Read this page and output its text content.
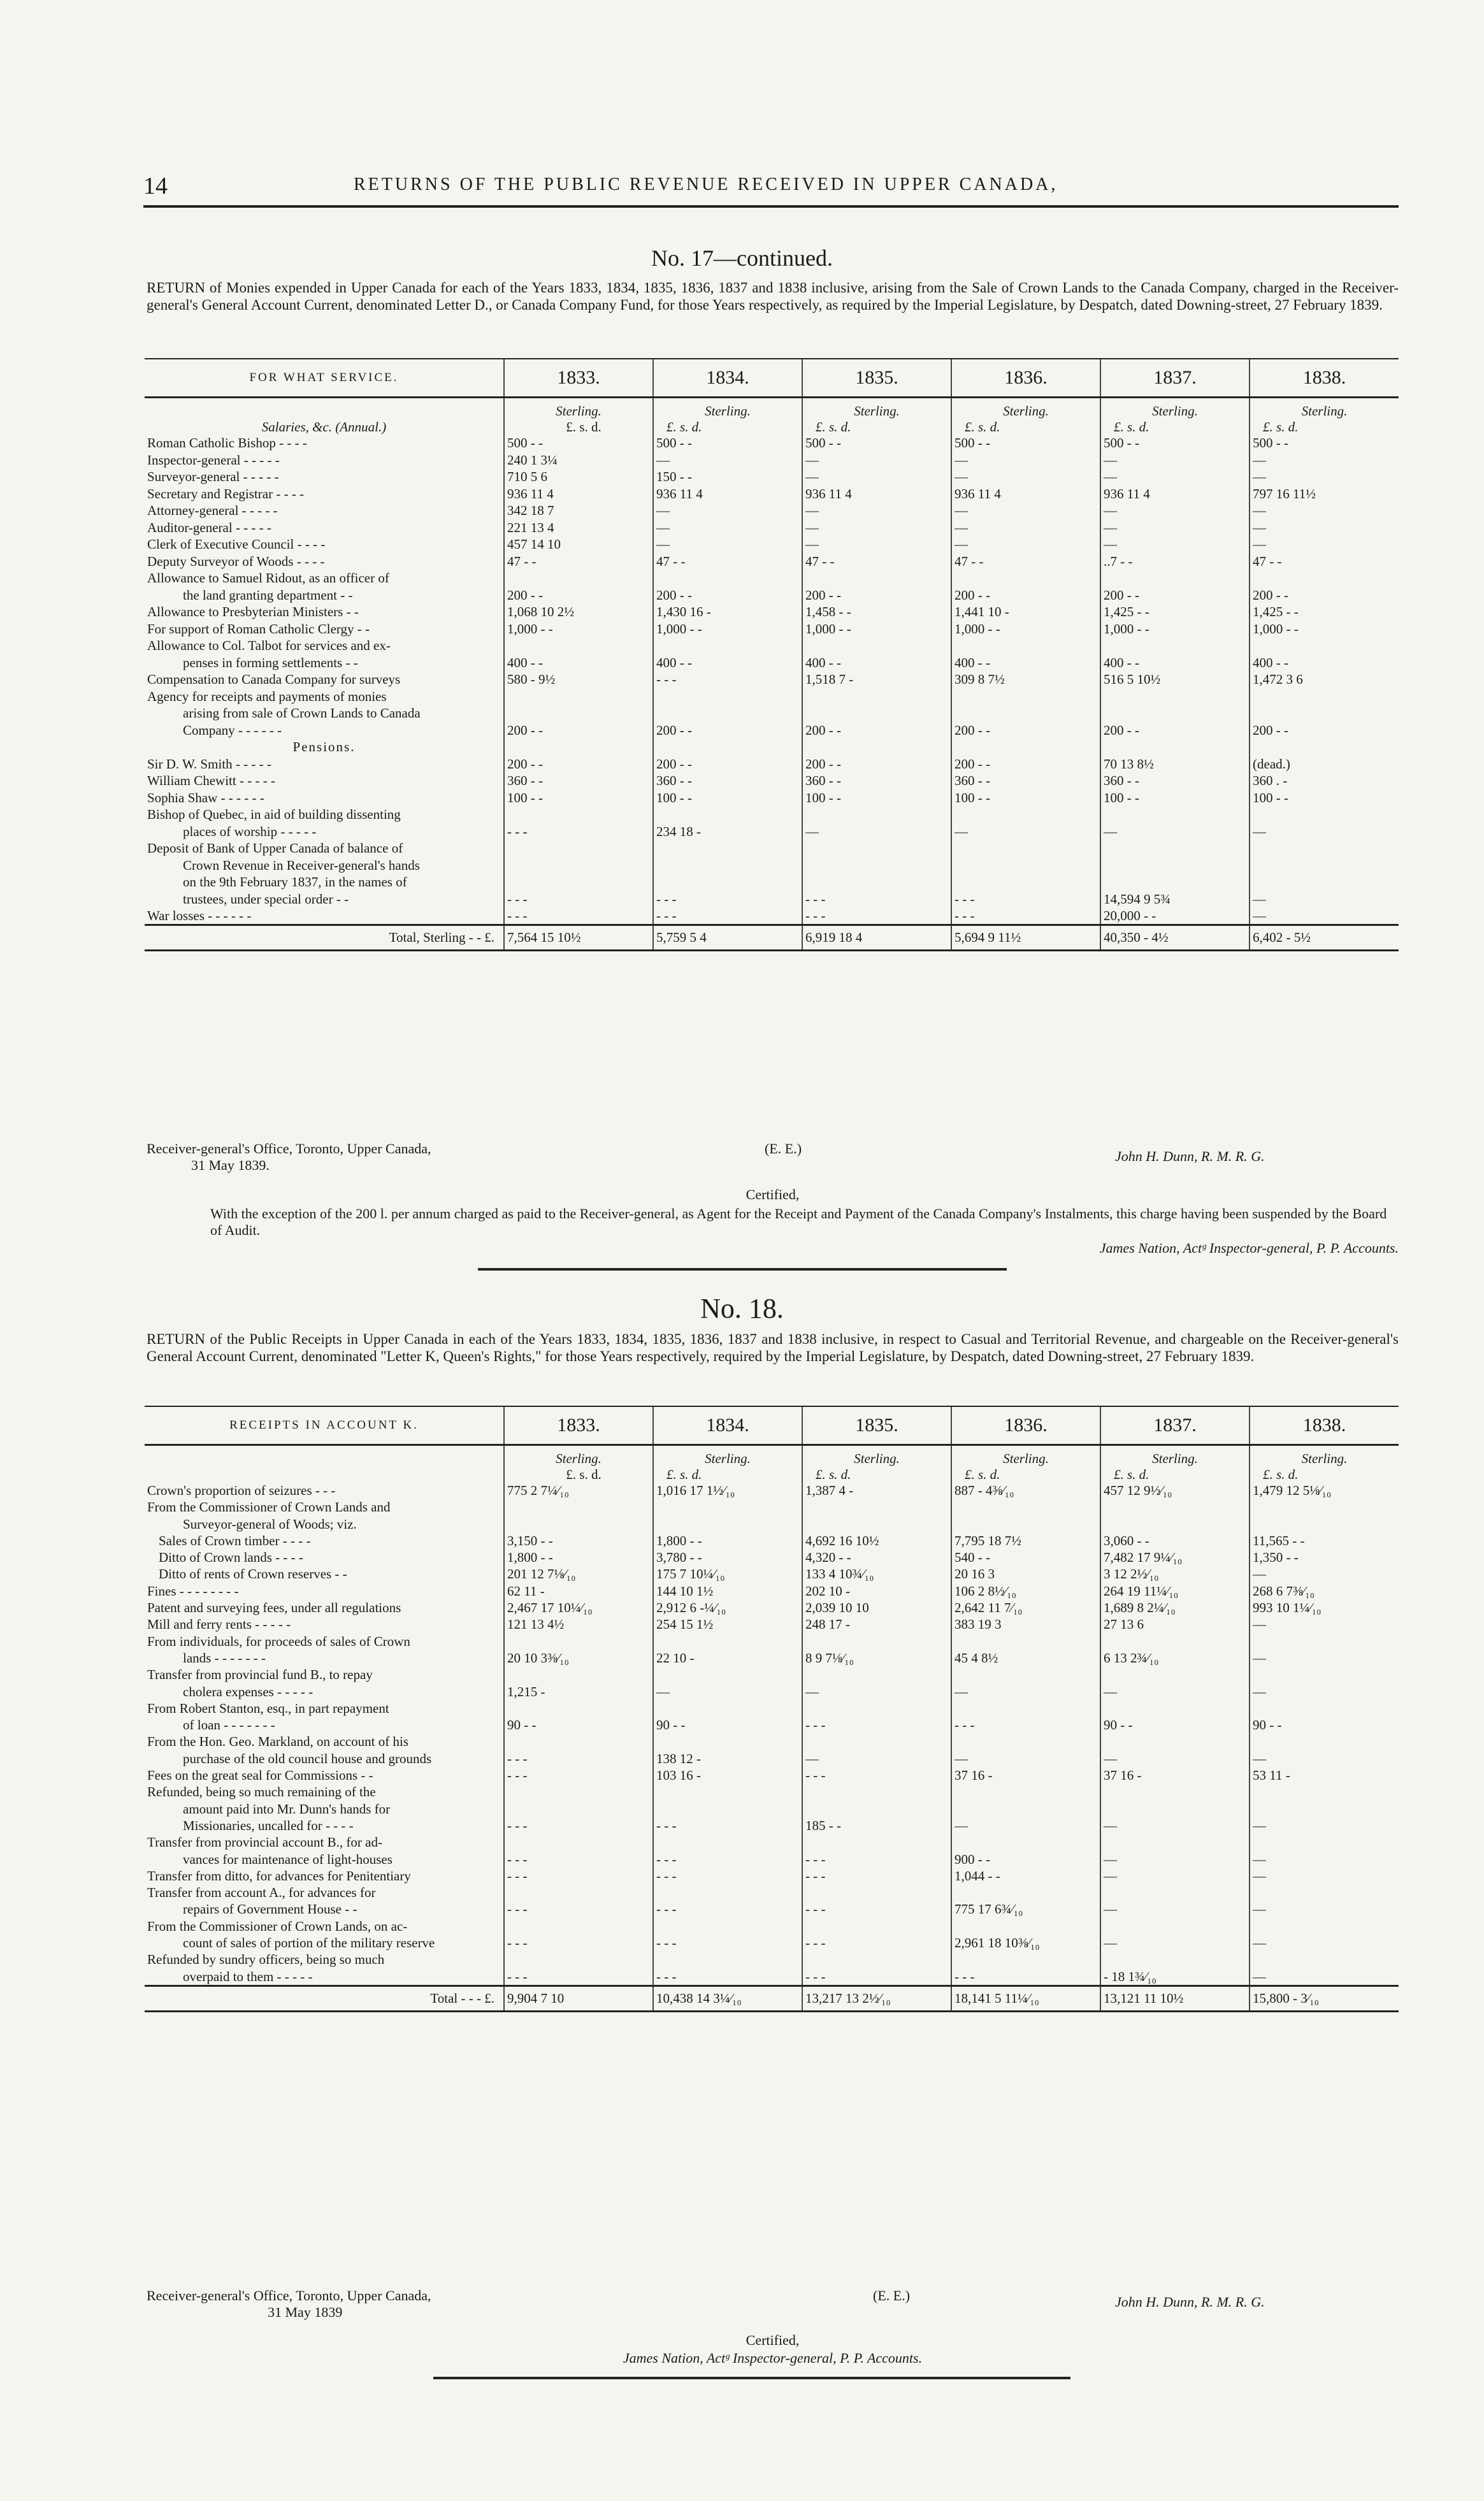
14	RETURNS OF THE PUBLIC REVENUE RECEIVED IN UPPER CANADA,
No. 17—continued.
RETURN of Monies expended in Upper Canada for each of the Years 1833, 1834, 1835, 1836, 1837 and 1838 inclusive, arising from the Sale of Crown Lands to the Canada Company, charged in the Receiver-general's General Account Current, denominated Letter D., or Canada Company Fund, for those Years respectively, as required by the Imperial Legislature, by Despatch, dated Downing-street, 27 February 1839.
FOR WHAT SERVICE.	1833.	1834.	1835.	1836.	1837.	1838.
Salaries, &c. (Annual.)	Sterling.	Sterling.	Sterling.	Sterling.	Sterling.	Sterling.
	£. s. d.	£. s. d.	£. s. d.	£. s. d.	£. s. d.	£. s. d.
Roman Catholic Bishop - - - -	500 - -	500 - -	500 - -	500 - -	500 - -	500 - -
Inspector-general - - - - -	240 1 3¼	—	—	—	—	—
Surveyor-general - - - - -	710 5 6	150 - -	—	—	—	—
Secretary and Registrar - - - -	936 11 4	936 11 4	936 11 4	936 11 4	936 11 4	797 16 11½
Attorney-general - - - - -	342 18 7	—	—	—	—	—
Auditor-general - - - - -	221 13 4	—	—	—	—	—
Clerk of Executive Council - - - -	457 14 10	—	—	—	—	—
Deputy Surveyor of Woods - - - -	47 - -	47 - -	47 - -	47 - -	..7 - -	47 - -
Allowance to Samuel Ridout, as an officer of						
the land granting department - -	200 - -	200 - -	200 - -	200 - -	200 - -	200 - -
Allowance to Presbyterian Ministers - -	1,068 10 2½	1,430 16 -	1,458 - -	1,441 10 -	1,425 - -	1,425 - -
For support of Roman Catholic Clergy - -	1,000 - -	1,000 - -	1,000 - -	1,000 - -	1,000 - -	1,000 - -
Allowance to Col. Talbot for services and ex-						
penses in forming settlements - -	400 - -	400 - -	400 - -	400 - -	400 - -	400 - -
Compensation to Canada Company for surveys	580 - 9½	- - -	1,518 7 -	309 8 7½	516 5 10½	1,472 3 6
Agency for receipts and payments of monies						
arising from sale of Crown Lands to Canada						
Company - - - - - -	200 - -	200 - -	200 - -	200 - -	200 - -	200 - -
Pensions.						
Sir D. W. Smith - - - - -	200 - -	200 - -	200 - -	200 - -	70 13 8½	(dead.)
William Chewitt - - - - -	360 - -	360 - -	360 - -	360 - -	360 - -	360 . -
Sophia Shaw - - - - - -	100 - -	100 - -	100 - -	100 - -	100 - -	100 - -
Bishop of Quebec, in aid of building dissenting						
places of worship - - - - -	- - -	234 18 -	—	—	—	—
Deposit of Bank of Upper Canada of balance of						
Crown Revenue in Receiver-general's hands						
on the 9th February 1837, in the names of						
trustees, under special order - -	- - -	- - -	- - -	- - -	14,594 9 5¾	—
War losses - - - - - -	- - -	- - -	- - -	- - -	20,000 - -	—
Total, Sterling - - £.	7,564 15 10½	5,759 5 4	6,919 18 4	5,694 9 11½	40,350 - 4½	6,402 - 5½
Receiver-general's Office, Toronto, Upper Canada,
31 May 1839.
(E. E.)	John H. Dunn, R. M. R. G.
Certified,
With the exception of the 200 l. per annum charged as paid to the Receiver-general, as Agent for the Receipt and Payment of the Canada Company's Instalments, this charge having been suspended by the Board of Audit.
James Nation, Actᵍ Inspector-general, P. P. Accounts.
No. 18.
RETURN of the Public Receipts in Upper Canada in each of the Years 1833, 1834, 1835, 1836, 1837 and 1838 inclusive, in respect to Casual and Territorial Revenue, and chargeable on the Receiver-general's General Account Current, denominated "Letter K, Queen's Rights," for those Years respectively, required by the Imperial Legislature, by Despatch, dated Downing-street, 27 February 1839.
RECEIPTS IN ACCOUNT K.	1833.	1834.	1835.	1836.	1837.	1838.
	Sterling.	Sterling.	Sterling.	Sterling.	Sterling.	Sterling.
	£. s. d.	£. s. d.	£. s. d.	£. s. d.	£. s. d.	£. s. d.
Crown's proportion of seizures - - -	775 2 7¼⁄₁₀	1,016 17 1½⁄₁₀	1,387 4 -	887 - 4⅜⁄₁₀	457 12 9½⁄₁₀	1,479 12 5⅛⁄₁₀
From the Commissioner of Crown Lands and						
Surveyor-general of Woods; viz.						
Sales of Crown timber - - - -	3,150 - -	1,800 - -	4,692 16 10½	7,795 18 7½	3,060 - -	11,565 - -
Ditto of Crown lands - - - -	1,800 - -	3,780 - -	4,320 - -	540 - -	7,482 17 9¼⁄₁₀	1,350 - -
Ditto of rents of Crown reserves - -	201 12 7⅛⁄₁₀	175 7 10¼⁄₁₀	133 4 10¾⁄₁₀	20 16 3	3 12 2½⁄₁₀	—
Fines - - - - - - - -	62 11 -	144 10 1½	202 10 -	106 2 8½⁄₁₀	264 19 11¼⁄₁₀	268 6 7⅜⁄₁₀
Patent and surveying fees, under all regulations	2,467 17 10¼⁄₁₀	2,912 6 -¼⁄₁₀	2,039 10 10	2,642 11 7⁄₁₀	1,689 8 2¼⁄₁₀	993 10 1¼⁄₁₀
Mill and ferry rents - - - - -	121 13 4½	254 15 1½	248 17 -	383 19 3	27 13 6	—
From individuals, for proceeds of sales of Crown						
lands - - - - - - -	20 10 3⅜⁄₁₀	22 10 -	8 9 7⅛⁄₁₀	45 4 8½	6 13 2¾⁄₁₀	—
Transfer from provincial fund B., to repay						
cholera expenses - - - - -	1,215 -	—	—	—	—	—
From Robert Stanton, esq., in part repayment						
of loan - - - - - - -	90 - -	90 - -	- - -	- - -	90 - -	90 - -
From the Hon. Geo. Markland, on account of his						
purchase of the old council house and grounds	- - -	138 12 -	—	—	—	—
Fees on the great seal for Commissions - -	- - -	103 16 -	- - -	37 16 -	37 16 -	53 11 -
Refunded, being so much remaining of the						
amount paid into Mr. Dunn's hands for						
Missionaries, uncalled for - - - -	- - -	- - -	185 - -	—	—	—
Transfer from provincial account B., for ad-						
vances for maintenance of light-houses	- - -	- - -	- - -	900 - -	—	—
Transfer from ditto, for advances for Penitentiary	- - -	- - -	- - -	1,044 - -	—	—
Transfer from account A., for advances for						
repairs of Government House - -	- - -	- - -	- - -	775 17 6¾⁄₁₀	—	—
From the Commissioner of Crown Lands, on ac-						
count of sales of portion of the military reserve	- - -	- - -	- - -	2,961 18 10⅜⁄₁₀	—	—
Refunded by sundry officers, being so much						
overpaid to them - - - - -	- - -	- - -	- - -	- - -	- 18 1¾⁄₁₀	—
Total - - - £.	9,904 7 10	10,438 14 3¼⁄₁₀	13,217 13 2½⁄₁₀	18,141 5 11¼⁄₁₀	13,121 11 10½	15,800 - 3⁄₁₀
Receiver-general's Office, Toronto, Upper Canada,
31 May 1839
(E. E.)	John H. Dunn, R. M. R. G.
Certified,
James Nation, Actᵍ Inspector-general, P. P. Accounts.
